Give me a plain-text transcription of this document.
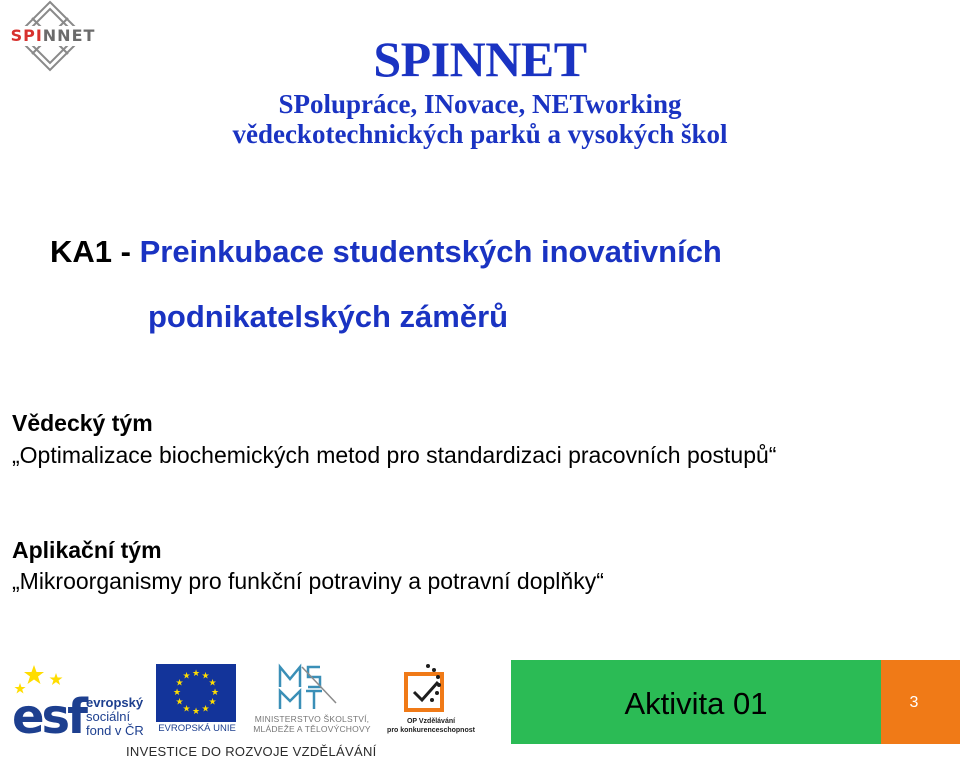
SPINNET	SPINNET
SPolupráce, INovace, NETworking
vědeckotechnických parků a vysokých škol
KA1 - Preinkubace studentských inovativních
podnikatelských záměrů
Vědecký tým
„Optimalizace biochemických metod pro standardizaci pracovních postupů“
Aplikační tým
„Mikroorganismy pro funkční potraviny a potravní doplňky“
esf evropský
sociální
fond v ČR
★ ★
★
★
★
★
★
★
★
★
★
★
EVROPSKÁ UNIE
MINISTERSTVO ŠKOLSTVÍ,
MLÁDEŽE A TĚLOVÝCHOVY
OP Vzdělávání
pro konkurenceschopnost
INVESTICE DO ROZVOJE VZDĚLÁVÁNÍ
Aktivita 01	3
